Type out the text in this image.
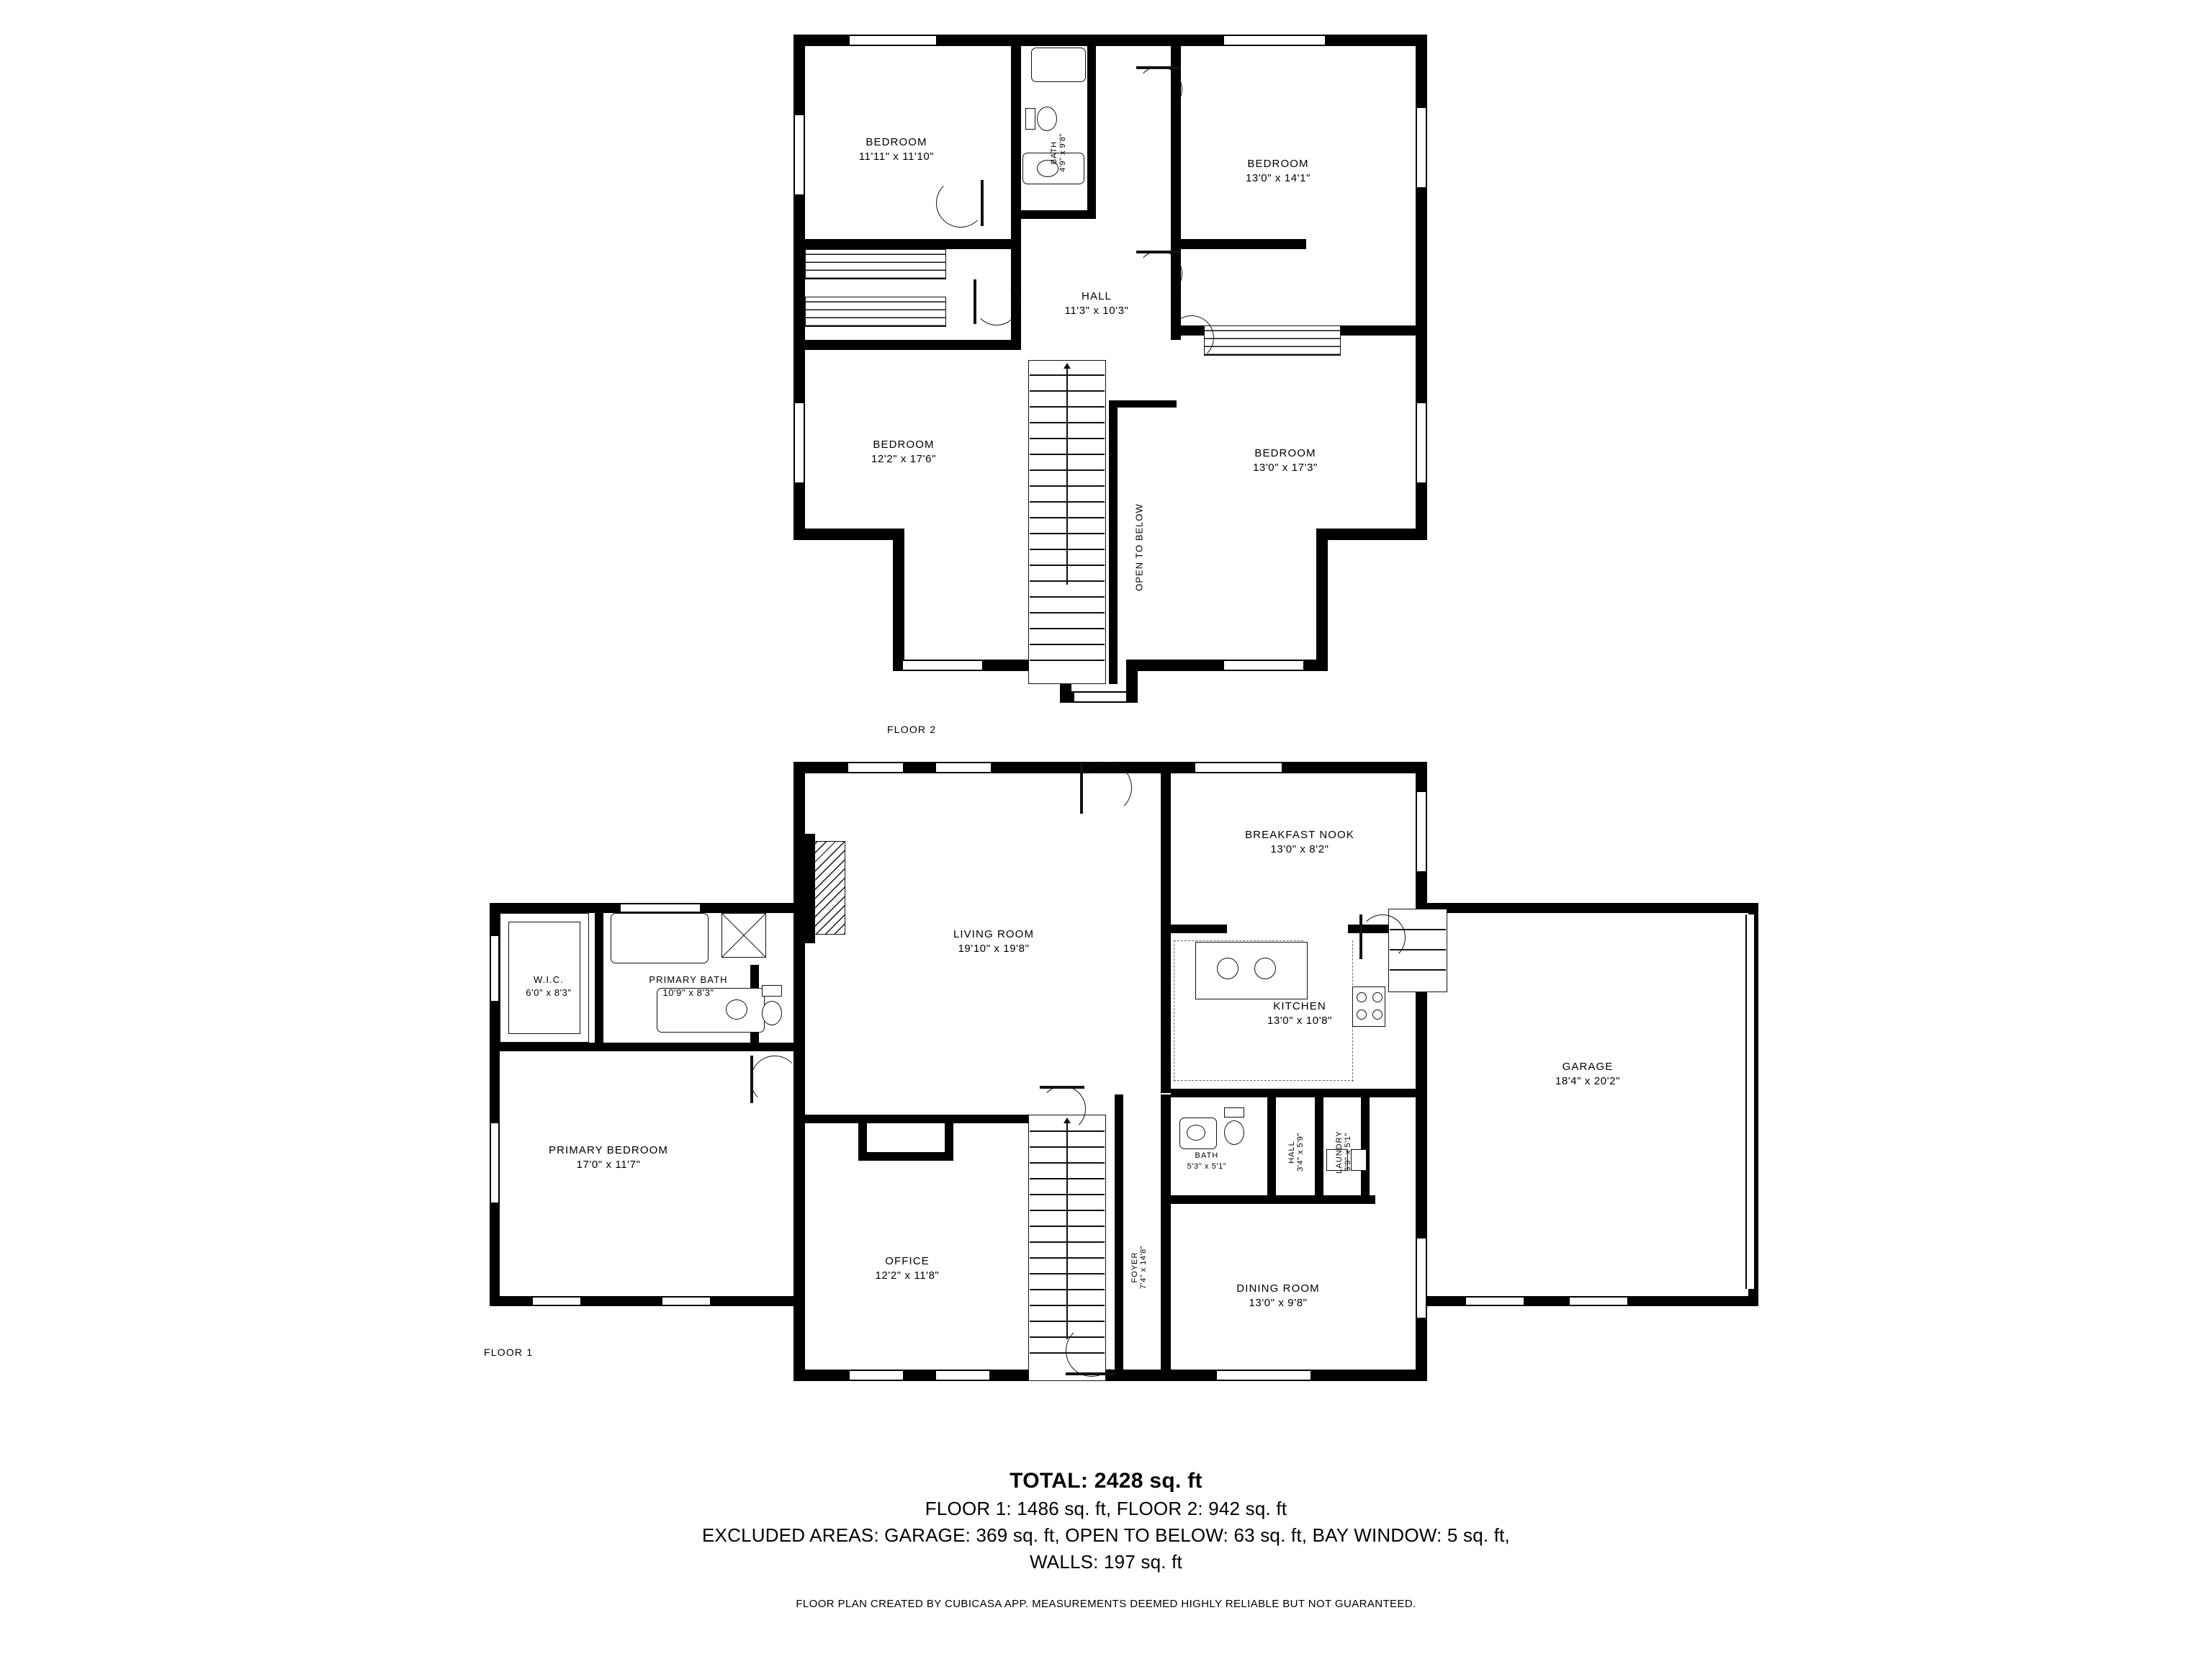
BEDROOM
11'11" x 11'10"
BEDROOM
13'0" x 14'1"
BEDROOM
12'2" x 17'6"	BEDROOM
13'0" x 17'3"
HALL
11'3" x 10'3"
BATH 4'9" x 9'8"
OPEN TO BELOW
FLOOR 2
LIVING ROOM
19'10" x 19'8"
BREAKFAST NOOK
13'0" x 8'2"
KITCHEN
13'0" x 10'8"
GARAGE
18'4" x 20'2"
PRIMARY BEDROOM
17'0" x 11'7"
PRIMARY BATH
10'9" x 8'3"
W.I.C.
6'0" x 8'3"
OFFICE
12'2" x 11'8"
DINING ROOM
13'0" x 9'8"
BATH
5'3" x 5'1"
FOYER 7'4" x 14'8"
HALL 3'4" x 5'9"	LAUNDRY 3'9" x 5'1"
FLOOR 1
TOTAL: 2428 sq. ft
FLOOR 1: 1486 sq. ft, FLOOR 2: 942 sq. ft
EXCLUDED AREAS: GARAGE: 369 sq. ft, OPEN TO BELOW: 63 sq. ft, BAY WINDOW: 5 sq. ft,
WALLS: 197 sq. ft
FLOOR PLAN CREATED BY CUBICASA APP. MEASUREMENTS DEEMED HIGHLY RELIABLE BUT NOT GUARANTEED.
